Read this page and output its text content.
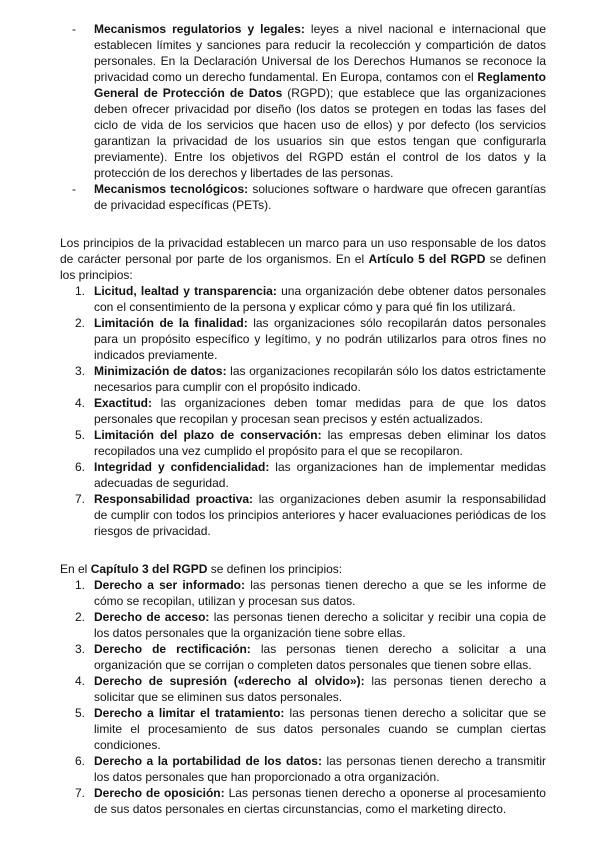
- Mecanismos regulatorios y legales: leyes a nivel nacional e internacional que establecen límites y sanciones para reducir la recolección y compartición de datos personales. En la Declaración Universal de los Derechos Humanos se reconoce la privacidad como un derecho fundamental. En Europa, contamos con el Reglamento General de Protección de Datos (RGPD); que establece que las organizaciones deben ofrecer privacidad por diseño (los datos se protegen en todas las fases del ciclo de vida de los servicios que hacen uso de ellos) y por defecto (los servicios garantizan la privacidad de los usuarios sin que estos tengan que configurarla previamente). Entre los objetivos del RGPD están el control de los datos y la protección de los derechos y libertades de las personas.
- Mecanismos tecnológicos: soluciones software o hardware que ofrecen garantías de privacidad específicas (PETs).

Los principios de la privacidad establecen un marco para un uso responsable de los datos de carácter personal por parte de los organismos. En el Artículo 5 del RGPD se definen los principios:

1. Licitud, lealtad y transparencia: una organización debe obtener datos personales con el consentimiento de la persona y explicar cómo y para qué fin los utilizará.
2. Limitación de la finalidad: las organizaciones sólo recopilarán datos personales para un propósito específico y legítimo, y no podrán utilizarlos para otros fines no indicados previamente.
3. Minimización de datos: las organizaciones recopilarán sólo los datos estrictamente necesarios para cumplir con el propósito indicado.
4. Exactitud: las organizaciones deben tomar medidas para de que los datos personales que recopilan y procesan sean precisos y estén actualizados.
5. Limitación del plazo de conservación: las empresas deben eliminar los datos recopilados una vez cumplido el propósito para el que se recopilaron.
6. Integridad y confidencialidad: las organizaciones han de implementar medidas adecuadas de seguridad.
7. Responsabilidad proactiva: las organizaciones deben asumir la responsabilidad de cumplir con todos los principios anteriores y hacer evaluaciones periódicas de los riesgos de privacidad.

En el Capítulo 3 del RGPD se definen los principios:

1. Derecho a ser informado: las personas tienen derecho a que se les informe de cómo se recopilan, utilizan y procesan sus datos.
2. Derecho de acceso: las personas tienen derecho a solicitar y recibir una copia de los datos personales que la organización tiene sobre ellas.
3. Derecho de rectificación: las personas tienen derecho a solicitar a una organización que se corrijan o completen datos personales que tienen sobre ellas.
4. Derecho de supresión («derecho al olvido»): las personas tienen derecho a solicitar que se eliminen sus datos personales.
5. Derecho a limitar el tratamiento: las personas tienen derecho a solicitar que se limite el procesamiento de sus datos personales cuando se cumplan ciertas condiciones.
6. Derecho a la portabilidad de los datos: las personas tienen derecho a transmitir los datos personales que han proporcionado a otra organización.
7. Derecho de oposición: Las personas tienen derecho a oponerse al procesamiento de sus datos personales en ciertas circunstancias, como el marketing directo.
